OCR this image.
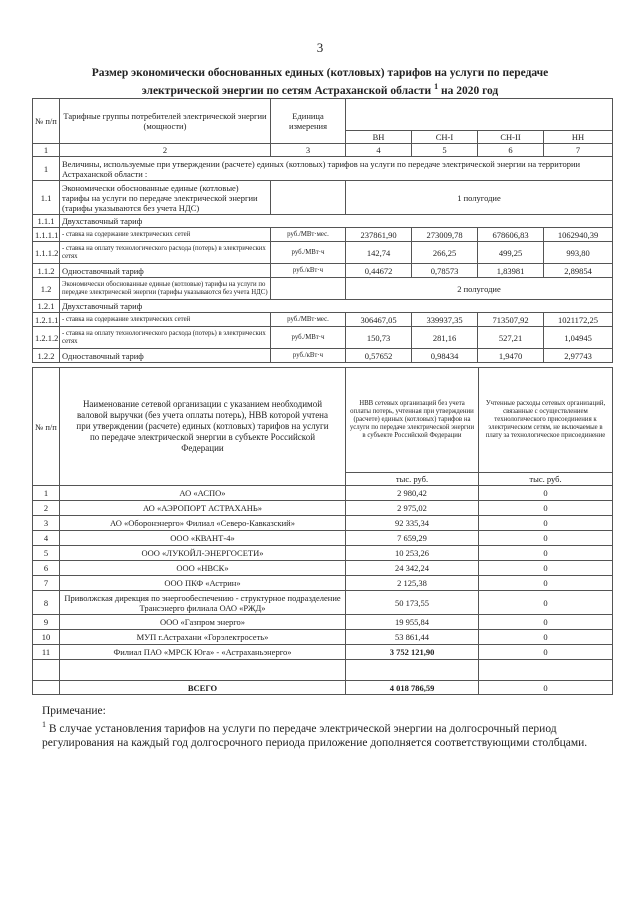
3
Размер экономически обоснованных единых (котловых) тарифов на услуги по передаче
электрической энергии по сетям Астраханской области $^1$ на 2020 год
№ п/п	Тарифные группы потребителей электрической энергии (мощности)	Единица измерения				
			ВН	СН-I	СН-II	НН
1	2	3	4	5	6	7
1	Величины, используемые при утверждении (расчете) единых (котловых) тарифов на услуги по передаче электрической энергии на территории Астраханской области :					
1.1	Экономически обоснованные единые (котловые) тарифы на услуги по передаче электрической энергии (тарифы указываются без учета НДС)		1 полугодие			
1.1.1	Двухставочный тариф					
1.1.1.1	- ставка на содержание электрических сетей	руб./МВт·мес.	237861,90	273009,78	678606,83	1062940,39
1.1.1.2	- ставка на оплату технологического расхода (потерь) в электрических сетях	руб./МВт·ч	142,74	266,25	499,25	993,80
1.1.2	Одноставочный тариф	руб./кВт·ч	0,44672	0,78573	1,83981	2,89854
1.2	Экономически обоснованные единые (котловые) тарифы на услуги по передаче электрической энергии (тарифы указываются без учета НДС)		2 полугодие			
1.2.1	Двухставочный тариф					
1.2.1.1	- ставка на содержание электрических сетей	руб./МВт·мес.	306467,05	339937,35	713507,92	1021172,25
1.2.1.2	- ставка на оплату технологического расхода (потерь) в электрических сетях	руб./МВт·ч	150,73	281,16	527,21	1,04945
1.2.2	Одноставочный тариф	руб./кВт·ч	0,57652	0,98434	1,9470	2,97743
№ п/п	Наименование сетевой организации с указанием необходимой валовой выручки (без учета оплаты потерь), НВВ которой учтена при утверждении (расчете) единых (котловых) тарифов на услуги по передаче электрической энергии в субъекте Российской Федерации	НВВ сетевых организаций без учета оплаты потерь, учтенная при утверждении (расчете) единых (котловых) тарифов на услуги по передаче электрической энергии в субъекте Российской Федерации	Учтенные расходы сетевых организаций, связанные с осуществлением технологического присоединения к электрическим сетям, не включаемые в плату за технологическое присоединение
		тыс. руб.	тыс. руб.
1	АО «АСПО»	2 980,42	0
2	АО «АЭРОПОРТ АСТРАХАНЬ»	2 975,02	0
3	АО «Оборонэнерго» Филиал «Северо-Кавказский»	92 335,34	0
4	ООО «КВАНТ-4»	7 659,29	0
5	ООО «ЛУКОЙЛ-ЭНЕРГОСЕТИ»	10 253,26	0
6	ООО «НВСК»	24 342,24	0
7	ООО ПКФ «Астрин»	2 125,38	0
8	Приволжская дирекция по энергообеспечению - структурное подразделение Трансэнерго филиала ОАО «РЖД»	50 173,55	0
9	ООО «Газпром энерго»	19 955,84	0
10	МУП г.Астрахани «Горэлектросеть»	53 861,44	0
11	Филиал ПАО «МРСК Юга» - «Астраханьэнерго»	3 752 121,90	0

	ВСЕГО	4 018 786,59	0
Примечание:
$^1$ В случае установления тарифов на услуги по передаче электрической энергии на долгосрочный период регулирования на каждый год долгосрочного периода приложение дополняется соответствующими столбцами.
